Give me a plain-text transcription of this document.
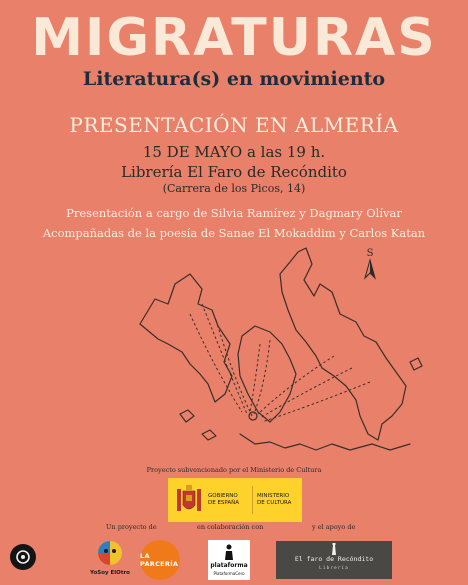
MIGRATURAS
Literatura(s) en movimiento
PRESENTACIÓN EN ALMERÍA
15 DE MAYO a las 19 h.
Librería El Faro de Recóndito
(Carrera de los Picos, 14)
Presentación a cargo de Silvia Ramírez y Dagmary Olívar
Acompañadas de la poesía de Sanae El Mokaddim y Carlos Katan
S
Proyecto subvencionado por el Ministerio de Cultura
GOBIERNO
DE ESPAÑA
MINISTERIO
DE CULTURA
Un proyecto de	en colaboración con	y el apoyo de
YoSoy ElOtro
LA PARCERÍA	plataforma
PlataformaCero
El faro de Recóndito
Librería
